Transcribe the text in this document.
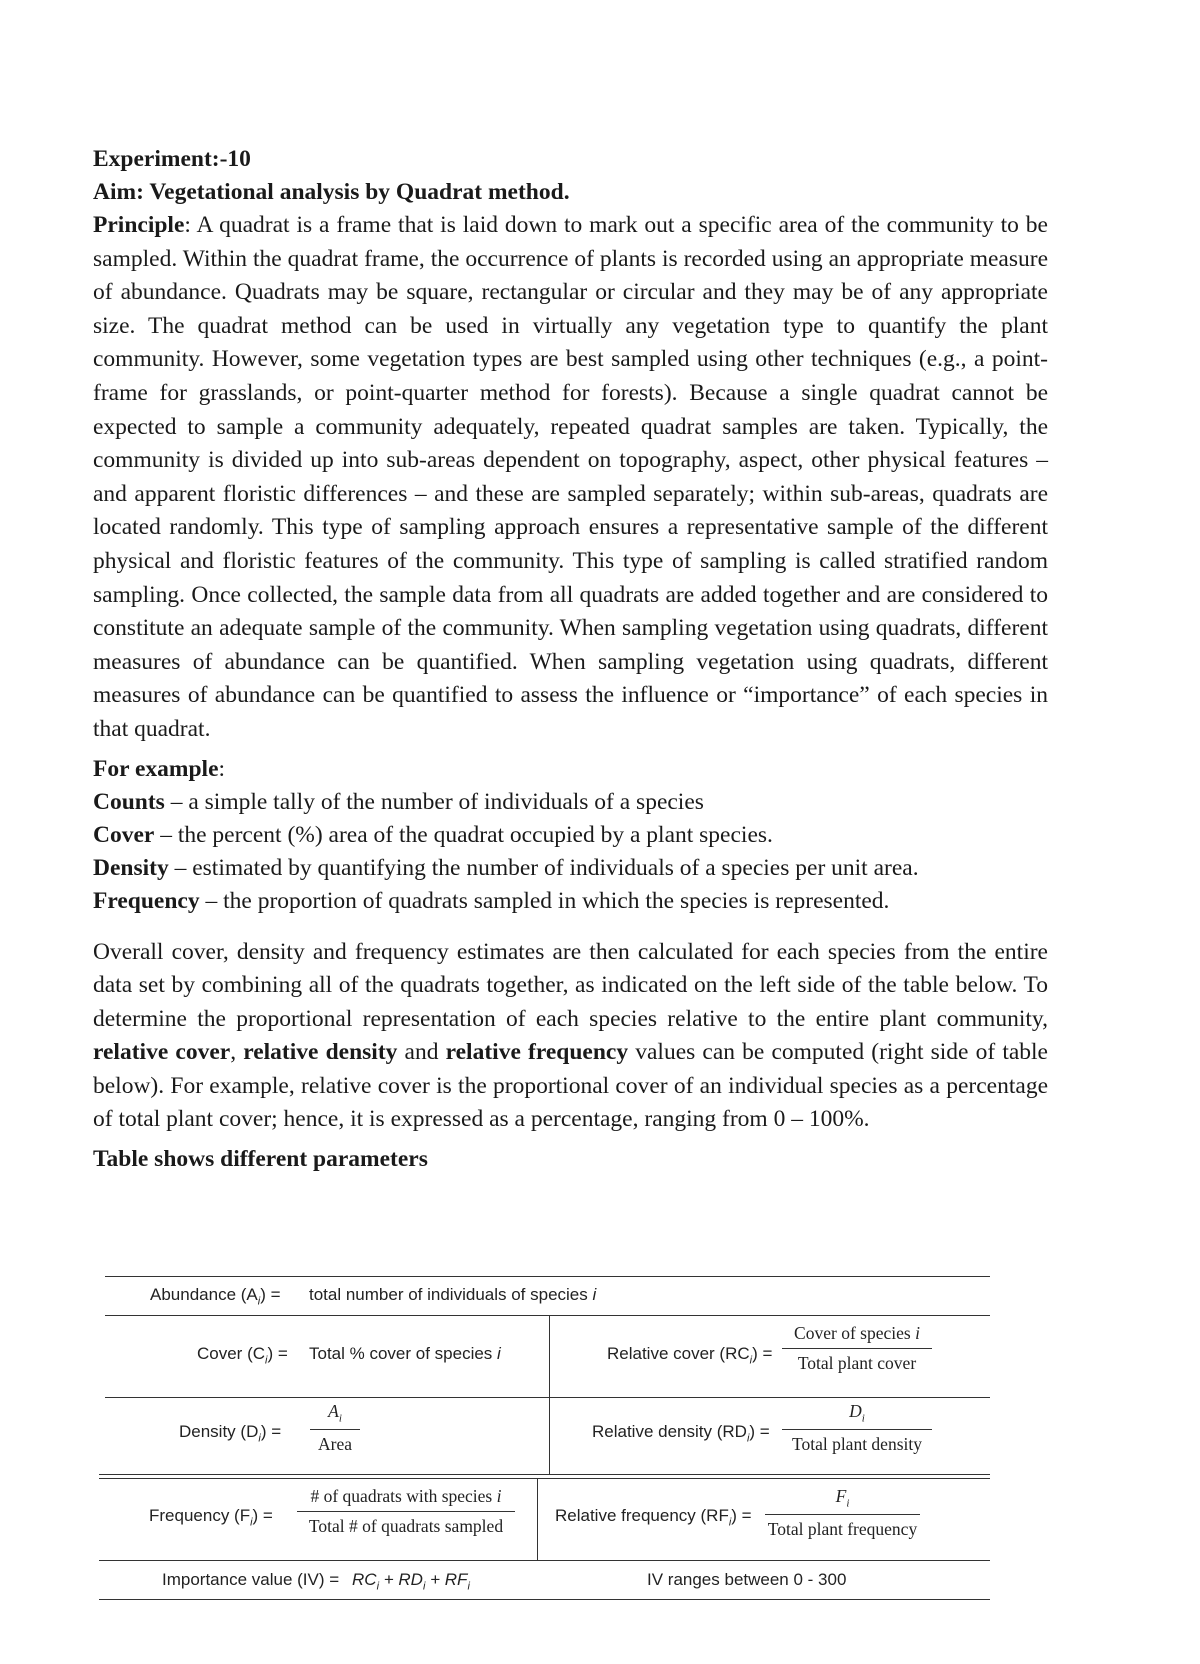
Experiment:-10

Aim: Vegetational analysis by Quadrat method.

Principle: A quadrat is a frame that is laid down to mark out a specific area of the community to be sampled. Within the quadrat frame, the occurrence of plants is recorded using an appropriate measure of abundance. Quadrats may be square, rectangular or circular and they may be of any appropriate size. The quadrat method can be used in virtually any vegetation type to quantify the plant community. However, some vegetation types are best sampled using other techniques (e.g., a point-frame for grasslands, or point-quarter method for forests). Because a single quadrat cannot be expected to sample a community adequately, repeated quadrat samples are taken. Typically, the community is divided up into sub-areas dependent on topography, aspect, other physical features – and apparent floristic differences – and these are sampled separately; within sub-areas, quadrats are located randomly. This type of sampling approach ensures a representative sample of the different physical and floristic features of the community. This type of sampling is called stratified random sampling. Once collected, the sample data from all quadrats are added together and are considered to constitute an adequate sample of the community. When sampling vegetation using quadrats, different measures of abundance can be quantified. When sampling vegetation using quadrats, different measures of abundance can be quantified to assess the influence or “importance” of each species in that quadrat.

For example:
Counts – a simple tally of the number of individuals of a species
Cover – the percent (%) area of the quadrat occupied by a plant species.
Density – estimated by quantifying the number of individuals of a species per unit area.
Frequency – the proportion of quadrats sampled in which the species is represented.

Overall cover, density and frequency estimates are then calculated for each species from the entire data set by combining all of the quadrats together, as indicated on the left side of the table below. To determine the proportional representation of each species relative to the entire plant community, relative cover, relative density and relative frequency values can be computed (right side of table below). For example, relative cover is the proportional cover of an individual species as a percentage of total plant cover; hence, it is expressed as a percentage, ranging from 0 – 100%.

Table shows different parameters

Abundance $(A_i)$ = total number of individuals of species i
Cover $(C_i)$ = Total % cover of species i	Relative cover $(RC_i)$ =
Cover of species i
Total plant cover
Density $(D_i)$ =
$A_i$
Area
Relative density $(RD_i)$ =
$D_i$
Total plant density
Frequency $(F_i)$ =
# of quadrats with species i
Total # of quadrats sampled
Relative frequency $(RF_i)$ =
$F_i$
Total plant frequency
Importance value $(IV) = RC_i + RD_i + RF_i$	IV ranges between 0 - 300
